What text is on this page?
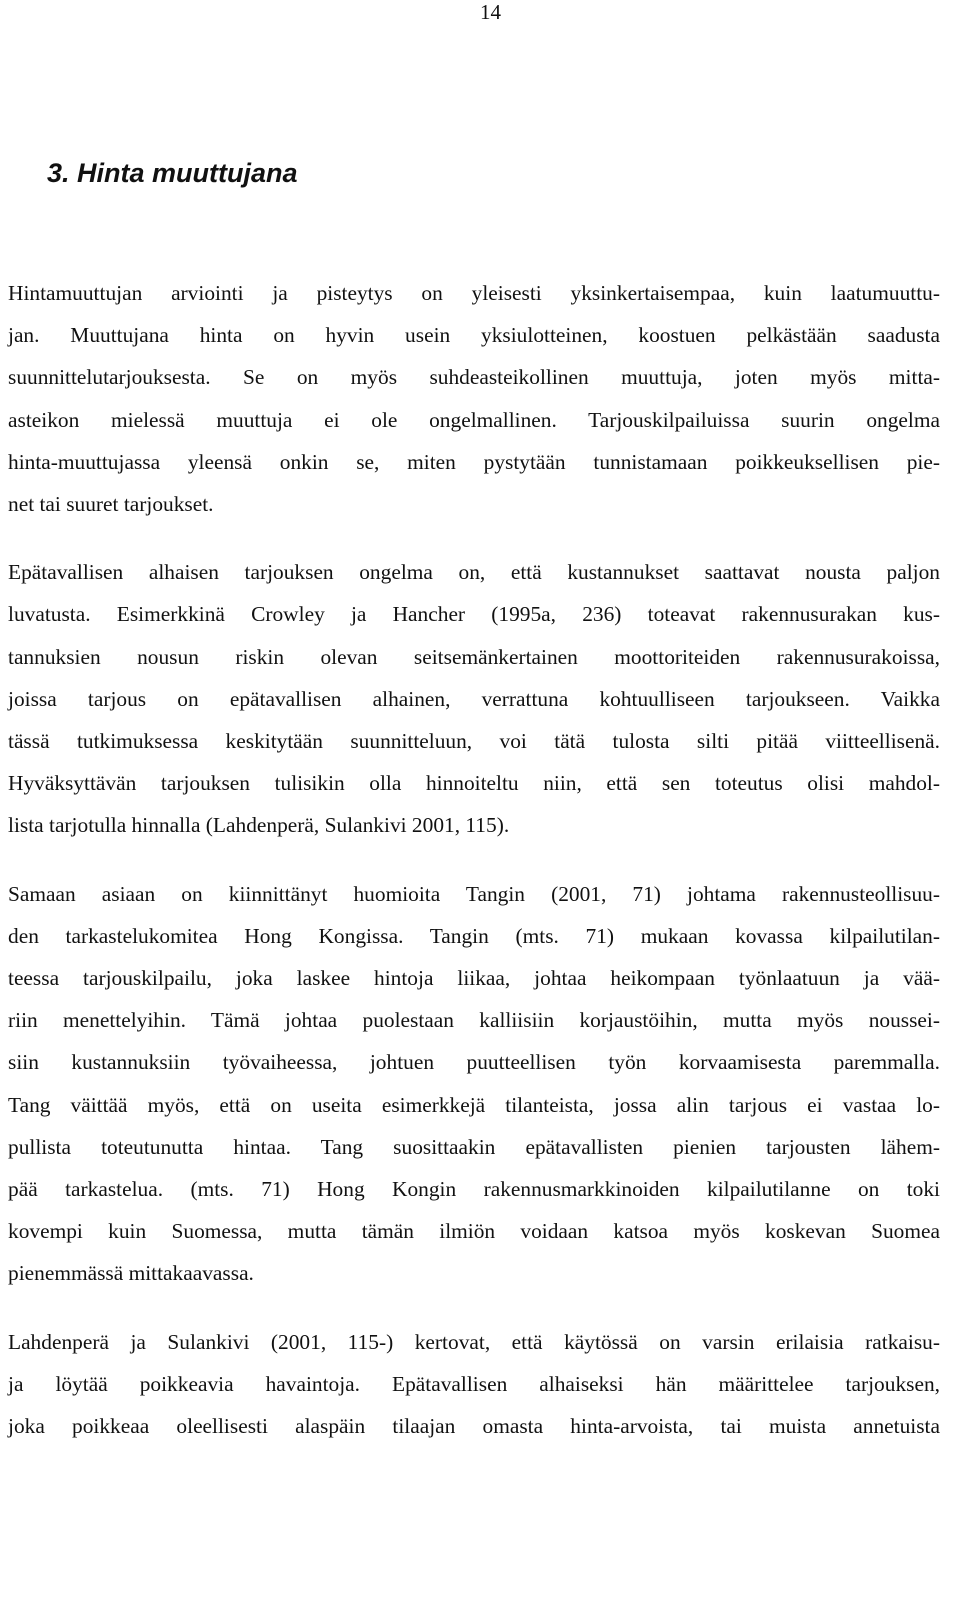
14
3. Hinta muuttujana
Hintamuuttujan arviointi ja pisteytys on yleisesti yksinkertaisempaa, kuin laatumuuttu-
jan. Muuttujana hinta on hyvin usein yksiulotteinen, koostuen pelkästään saadusta
suunnittelutarjouksesta. Se on myös suhdeasteikollinen muuttuja, joten myös mitta-
asteikon mielessä muuttuja ei ole ongelmallinen. Tarjouskilpailuissa suurin ongelma
hinta-muuttujassa yleensä onkin se, miten pystytään tunnistamaan poikkeuksellisen pie-
net tai suuret tarjoukset.
Epätavallisen alhaisen tarjouksen ongelma on, että kustannukset saattavat nousta paljon
luvatusta. Esimerkkinä Crowley ja Hancher (1995a, 236) toteavat rakennusurakan kus-
tannuksien nousun riskin olevan seitsemänkertainen moottoriteiden rakennusurakoissa,
joissa tarjous on epätavallisen alhainen, verrattuna kohtuulliseen tarjoukseen. Vaikka
tässä tutkimuksessa keskitytään suunnitteluun, voi tätä tulosta silti pitää viitteellisenä.
Hyväksyttävän tarjouksen tulisikin olla hinnoiteltu niin, että sen toteutus olisi mahdol-
lista tarjotulla hinnalla (Lahdenperä, Sulankivi 2001, 115).
Samaan asiaan on kiinnittänyt huomioita Tangin (2001, 71) johtama rakennusteollisuu-
den tarkastelukomitea Hong Kongissa. Tangin (mts. 71) mukaan kovassa kilpailutilan-
teessa tarjouskilpailu, joka laskee hintoja liikaa, johtaa heikompaan työnlaatuun ja vää-
riin menettelyihin. Tämä johtaa puolestaan kalliisiin korjaustöihin, mutta myös noussei-
siin kustannuksiin työvaiheessa, johtuen puutteellisen työn korvaamisesta paremmalla.
Tang väittää myös, että on useita esimerkkejä tilanteista, jossa alin tarjous ei vastaa lo-
pullista toteutunutta hintaa. Tang suosittaakin epätavallisten pienien tarjousten lähem-
pää tarkastelua. (mts. 71) Hong Kongin rakennusmarkkinoiden kilpailutilanne on toki
kovempi kuin Suomessa, mutta tämän ilmiön voidaan katsoa myös koskevan Suomea
pienemmässä mittakaavassa.
Lahdenperä ja Sulankivi (2001, 115-) kertovat, että käytössä on varsin erilaisia ratkaisu-
ja löytää poikkeavia havaintoja. Epätavallisen alhaiseksi hän määrittelee tarjouksen,
joka poikkeaa oleellisesti alaspäin tilaajan omasta hinta-arvoista, tai muista annetuista
